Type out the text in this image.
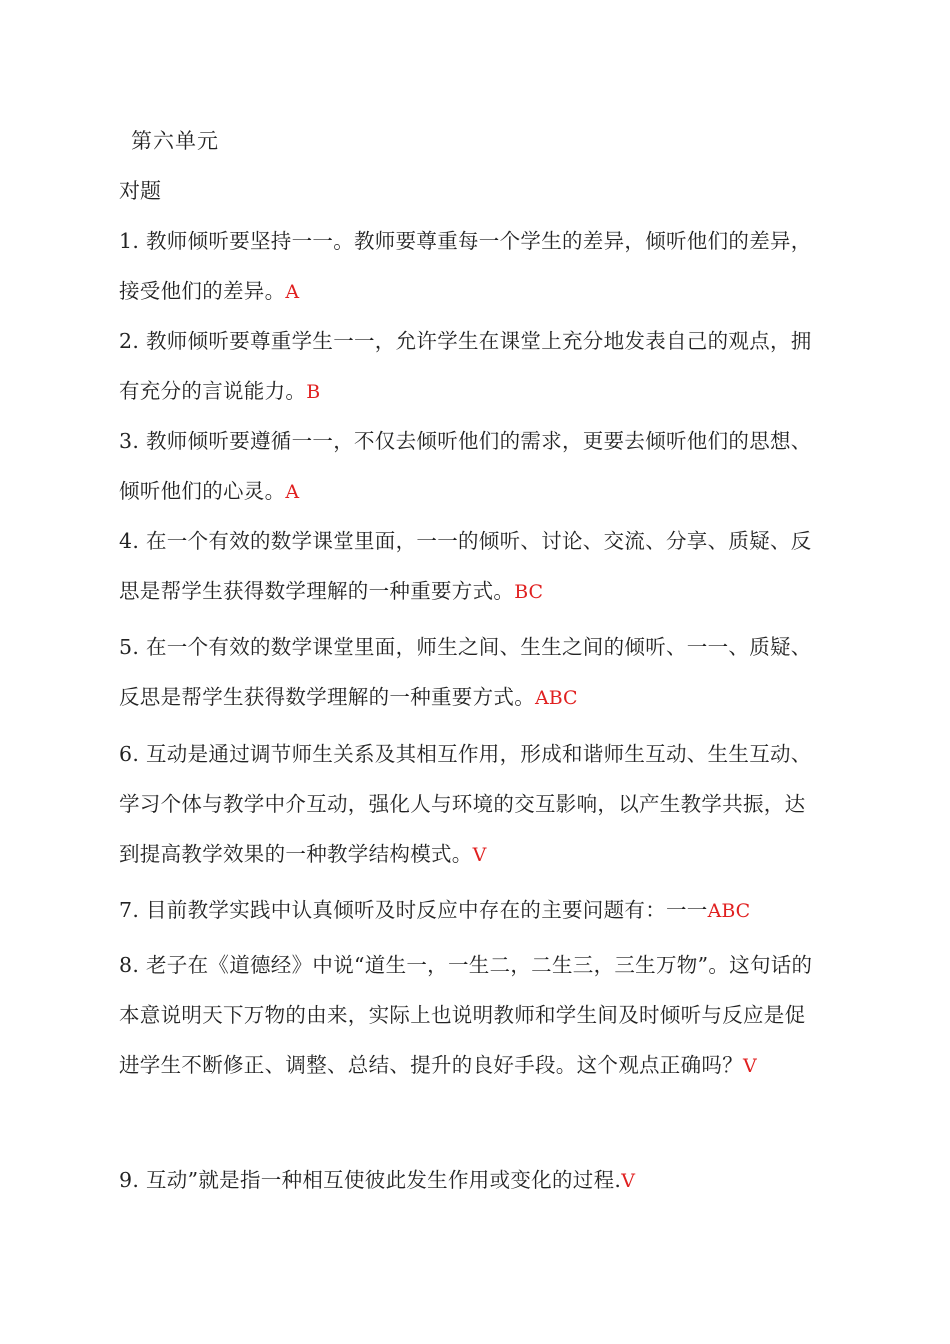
第六单元
对题
1. 教师倾听要坚持一一。教师要尊重每一个学生的差异，倾听他们的差异，接受他们的差异。A
2. 教师倾听要尊重学生一一，允许学生在课堂上充分地发表自己的观点，拥有充分的言说能力。B
3. 教师倾听要遵循一一，不仅去倾听他们的需求，更要去倾听他们的思想、倾听他们的心灵。A
4. 在一个有效的数学课堂里面，一一的倾听、讨论、交流、分享、质疑、反思是帮学生获得数学理解的一种重要方式。BC
5. 在一个有效的数学课堂里面，师生之间、生生之间的倾听、一一、质疑、反思是帮学生获得数学理解的一种重要方式。ABC
6. 互动是通过调节师生关系及其相互作用，形成和谐师生互动、生生互动、学习个体与教学中介互动，强化人与环境的交互影响，以产生教学共振，达到提高教学效果的一种教学结构模式。V
7. 目前教学实践中认真倾听及时反应中存在的主要问题有：一一ABC
8. 老子在《道德经》中说“道生一，一生二，二生三，三生万物”。这句话的本意说明天下万物的由来，实际上也说明教师和学生间及时倾听与反应是促进学生不断修正、调整、总结、提升的良好手段。这个观点正确吗？V
9. 互动”就是指一种相互使彼此发生作用或变化的过程.V
